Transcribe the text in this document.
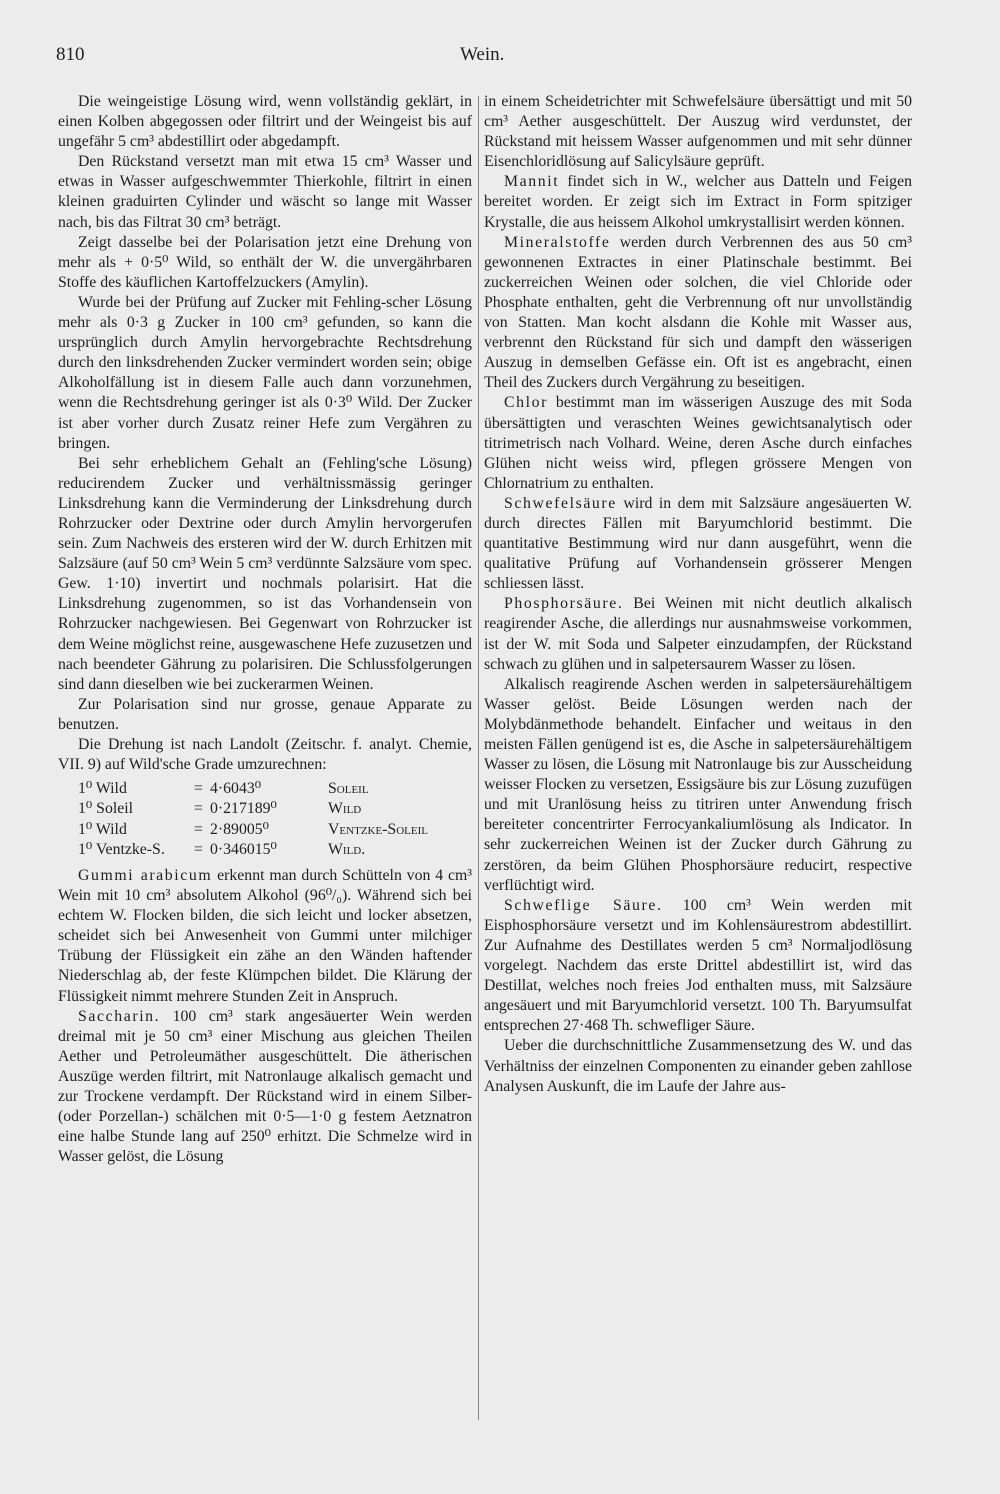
810	Wein.

Die weingeistige Lösung wird, wenn vollständig geklärt, in einen Kolben abgegossen oder filtrirt und der Weingeist bis auf ungefähr 5 cm³ abdestillirt oder abgedampft.

Den Rückstand versetzt man mit etwa 15 cm³ Wasser und etwas in Wasser aufgeschwemmter Thierkohle, filtrirt in einen kleinen graduirten Cylinder und wäscht so lange mit Wasser nach, bis das Filtrat 30 cm³ beträgt.

Zeigt dasselbe bei der Polarisation jetzt eine Drehung von mehr als + 0·5⁰ Wild, so enthält der W. die unvergährbaren Stoffe des käuflichen Kartoffelzuckers (Amylin).

Wurde bei der Prüfung auf Zucker mit Fehling-scher Lösung mehr als 0·3 g Zucker in 100 cm³ gefunden, so kann die ursprünglich durch Amylin hervorgebrachte Rechtsdrehung durch den linksdrehenden Zucker vermindert worden sein; obige Alkoholfällung ist in diesem Falle auch dann vorzunehmen, wenn die Rechtsdrehung geringer ist als 0·3⁰ Wild. Der Zucker ist aber vorher durch Zusatz reiner Hefe zum Vergähren zu bringen.

Bei sehr erheblichem Gehalt an (Fehling'sche Lösung) reducirendem Zucker und verhältnissmässig geringer Linksdrehung kann die Verminderung der Linksdrehung durch Rohrzucker oder Dextrine oder durch Amylin hervorgerufen sein. Zum Nachweis des ersteren wird der W. durch Erhitzen mit Salzsäure (auf 50 cm³ Wein 5 cm³ verdünnte Salzsäure vom spec. Gew. 1·10) invertirt und nochmals polarisirt. Hat die Linksdrehung zugenommen, so ist das Vorhandensein von Rohrzucker nachgewiesen. Bei Gegenwart von Rohrzucker ist dem Weine möglichst reine, ausgewaschene Hefe zuzusetzen und nach beendeter Gährung zu polarisiren. Die Schlussfolgerungen sind dann dieselben wie bei zuckerarmen Weinen.

Zur Polarisation sind nur grosse, genaue Apparate zu benutzen.

Die Drehung ist nach Landolt (Zeitschr. f. analyt. Chemie, VII. 9) auf Wild'sche Grade umzurechnen:

1⁰ Wild	= 4·6043⁰	Soleil
1⁰ Soleil	= 0·217189⁰	Wild
1⁰ Wild	= 2·89005⁰	Ventzke-Soleil
1⁰ Ventzke-S.	= 0·346015⁰	Wild.

Gummi arabicum erkennt man durch Schütteln von 4 cm³ Wein mit 10 cm³ absolutem Alkohol (96⁰/₀). Während sich bei echtem W. Flocken bilden, die sich leicht und locker absetzen, scheidet sich bei Anwesenheit von Gummi unter milchiger Trübung der Flüssigkeit ein zähe an den Wänden haftender Niederschlag ab, der feste Klümpchen bildet. Die Klärung der Flüssigkeit nimmt mehrere Stunden Zeit in Anspruch.

Saccharin. 100 cm³ stark angesäuerter Wein werden dreimal mit je 50 cm³ einer Mischung aus gleichen Theilen Aether und Petroleumäther ausgeschüttelt. Die ätherischen Auszüge werden filtrirt, mit Natronlauge alkalisch gemacht und zur Trockene verdampft. Der Rückstand wird in einem Silber- (oder Porzellan-) schälchen mit 0·5—1·0 g festem Aetznatron eine halbe Stunde lang auf 250⁰ erhitzt. Die Schmelze wird in Wasser gelöst, die Lösung

in einem Scheidetrichter mit Schwefelsäure übersättigt und mit 50 cm³ Aether ausgeschüttelt. Der Auszug wird verdunstet, der Rückstand mit heissem Wasser aufgenommen und mit sehr dünner Eisenchloridlösung auf Salicylsäure geprüft.

Mannit findet sich in W., welcher aus Datteln und Feigen bereitet worden. Er zeigt sich im Extract in Form spitziger Krystalle, die aus heissem Alkohol umkrystallisirt werden können.

Mineralstoffe werden durch Verbrennen des aus 50 cm³ gewonnenen Extractes in einer Platinschale bestimmt. Bei zuckerreichen Weinen oder solchen, die viel Chloride oder Phosphate enthalten, geht die Verbrennung oft nur unvollständig von Statten. Man kocht alsdann die Kohle mit Wasser aus, verbrennt den Rückstand für sich und dampft den wässerigen Auszug in demselben Gefässe ein. Oft ist es angebracht, einen Theil des Zuckers durch Vergährung zu beseitigen.

Chlor bestimmt man im wässerigen Auszuge des mit Soda übersättigten und veraschten Weines gewichtsanalytisch oder titrimetrisch nach Volhard. Weine, deren Asche durch einfaches Glühen nicht weiss wird, pflegen grössere Mengen von Chlornatrium zu enthalten.

Schwefelsäure wird in dem mit Salzsäure angesäuerten W. durch directes Fällen mit Baryumchlorid bestimmt. Die quantitative Bestimmung wird nur dann ausgeführt, wenn die qualitative Prüfung auf Vorhandensein grösserer Mengen schliessen lässt.

Phosphorsäure. Bei Weinen mit nicht deutlich alkalisch reagirender Asche, die allerdings nur ausnahmsweise vorkommen, ist der W. mit Soda und Salpeter einzudampfen, der Rückstand schwach zu glühen und in salpetersaurem Wasser zu lösen.

Alkalisch reagirende Aschen werden in salpetersäurehältigem Wasser gelöst. Beide Lösungen werden nach der Molybdänmethode behandelt. Einfacher und weitaus in den meisten Fällen genügend ist es, die Asche in salpetersäurehältigem Wasser zu lösen, die Lösung mit Natronlauge bis zur Ausscheidung weisser Flocken zu versetzen, Essigsäure bis zur Lösung zuzufügen und mit Uranlösung heiss zu titriren unter Anwendung frisch bereiteter concentrirter Ferrocyankaliumlösung als Indicator. In sehr zuckerreichen Weinen ist der Zucker durch Gährung zu zerstören, da beim Glühen Phosphorsäure reducirt, respective verflüchtigt wird.

Schweflige Säure. 100 cm³ Wein werden mit Eisphosphorsäure versetzt und im Kohlensäurestrom abdestillirt. Zur Aufnahme des Destillates werden 5 cm³ Normaljodlösung vorgelegt. Nachdem das erste Drittel abdestillirt ist, wird das Destillat, welches noch freies Jod enthalten muss, mit Salzsäure angesäuert und mit Baryumchlorid versetzt. 100 Th. Baryumsulfat entsprechen 27·468 Th. schwefliger Säure.

Ueber die durchschnittliche Zusammensetzung des W. und das Verhältniss der einzelnen Componenten zu einander geben zahllose Analysen Auskunft, die im Laufe der Jahre aus-
